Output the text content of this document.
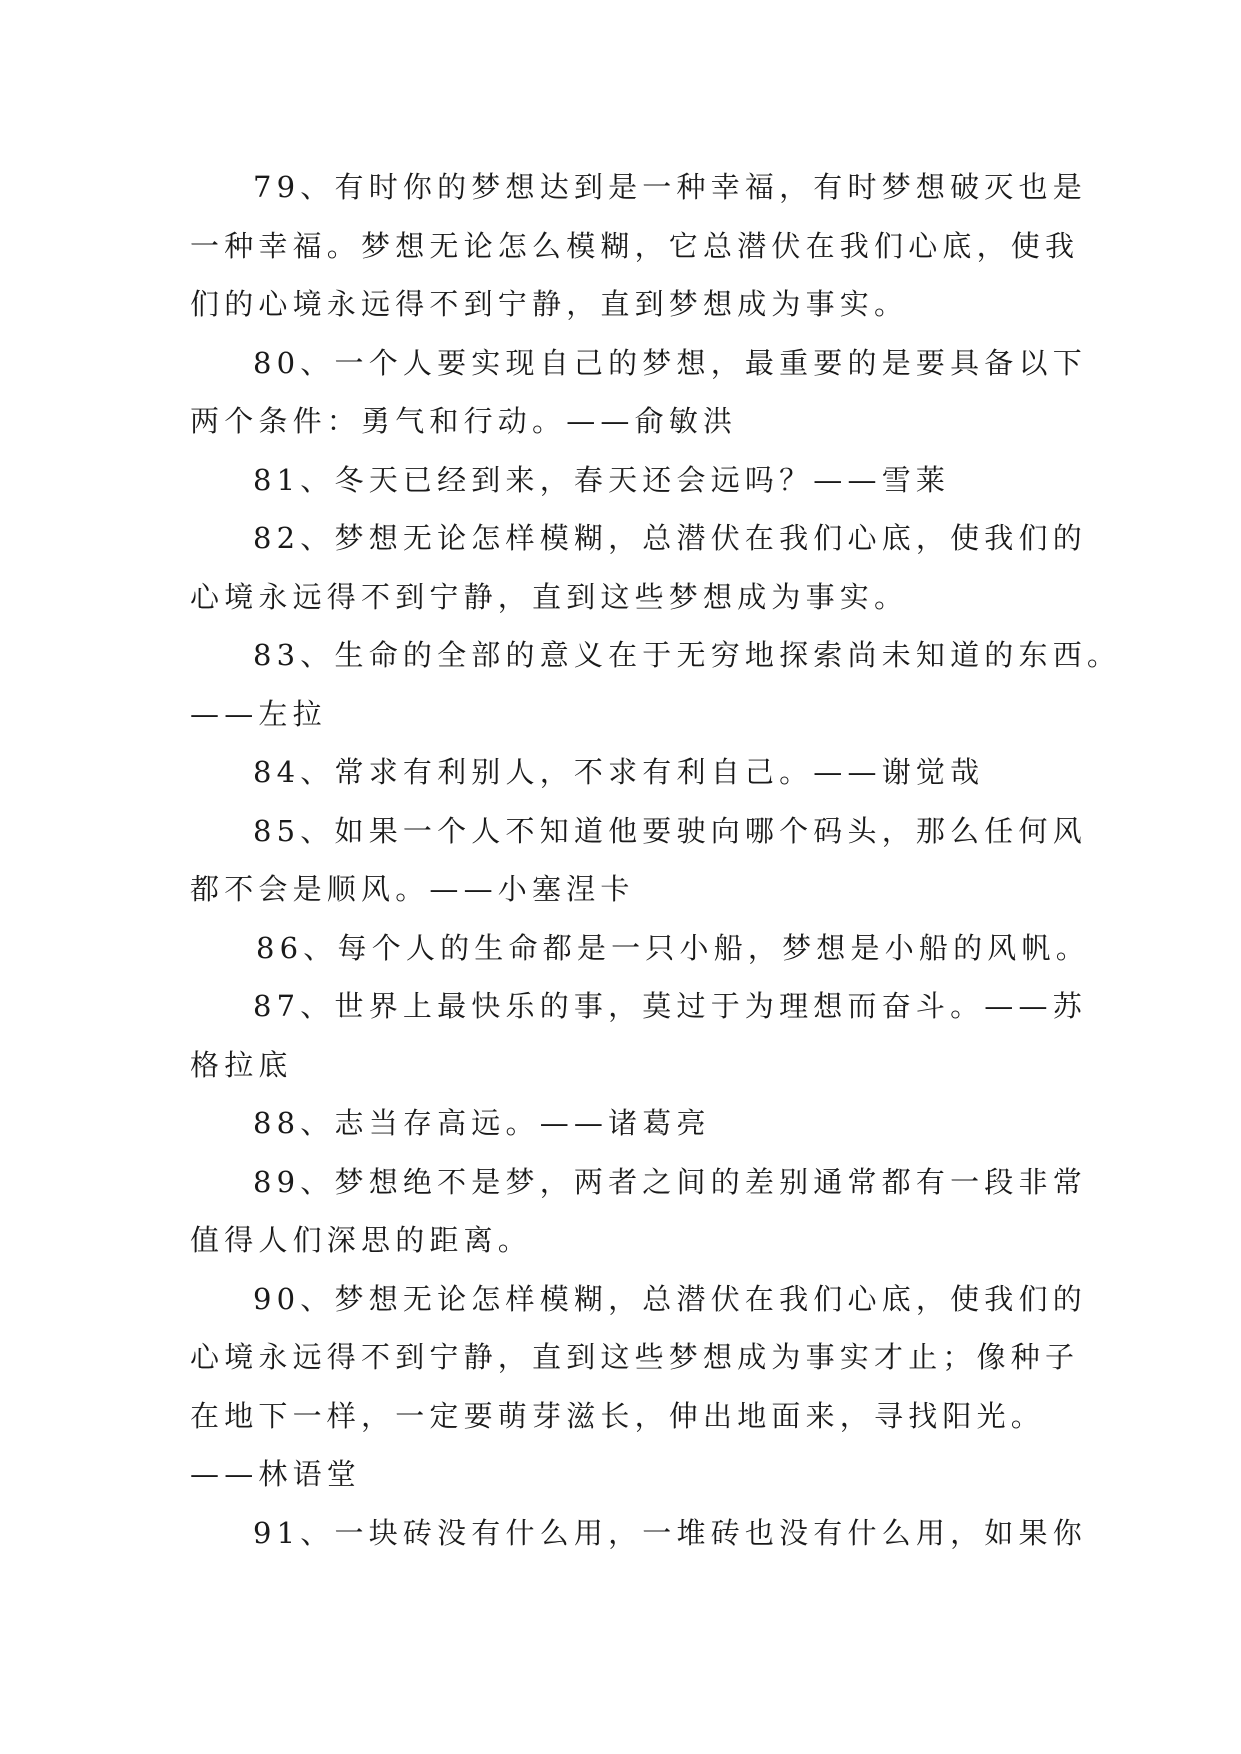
79、有时你的梦想达到是一种幸福，有时梦想破灭也是
一种幸福。梦想无论怎么模糊，它总潜伏在我们心底，使我
们的心境永远得不到宁静，直到梦想成为事实。
80、一个人要实现自己的梦想，最重要的是要具备以下
两个条件：勇气和行动。——俞敏洪
81、冬天已经到来，春天还会远吗？——雪莱
82、梦想无论怎样模糊，总潜伏在我们心底，使我们的
心境永远得不到宁静，直到这些梦想成为事实。
83、生命的全部的意义在于无穷地探索尚未知道的东西。
——左拉
84、常求有利别人，不求有利自己。——谢觉哉
85、如果一个人不知道他要驶向哪个码头，那么任何风
都不会是顺风。——小塞涅卡
86、每个人的生命都是一只小船，梦想是小船的风帆。
87、世界上最快乐的事，莫过于为理想而奋斗。——苏
格拉底
88、志当存高远。——诸葛亮
89、梦想绝不是梦，两者之间的差别通常都有一段非常
值得人们深思的距离。
90、梦想无论怎样模糊，总潜伏在我们心底，使我们的
心境永远得不到宁静，直到这些梦想成为事实才止；像种子
在地下一样，一定要萌芽滋长，伸出地面来，寻找阳光。
——林语堂
91、一块砖没有什么用，一堆砖也没有什么用，如果你
